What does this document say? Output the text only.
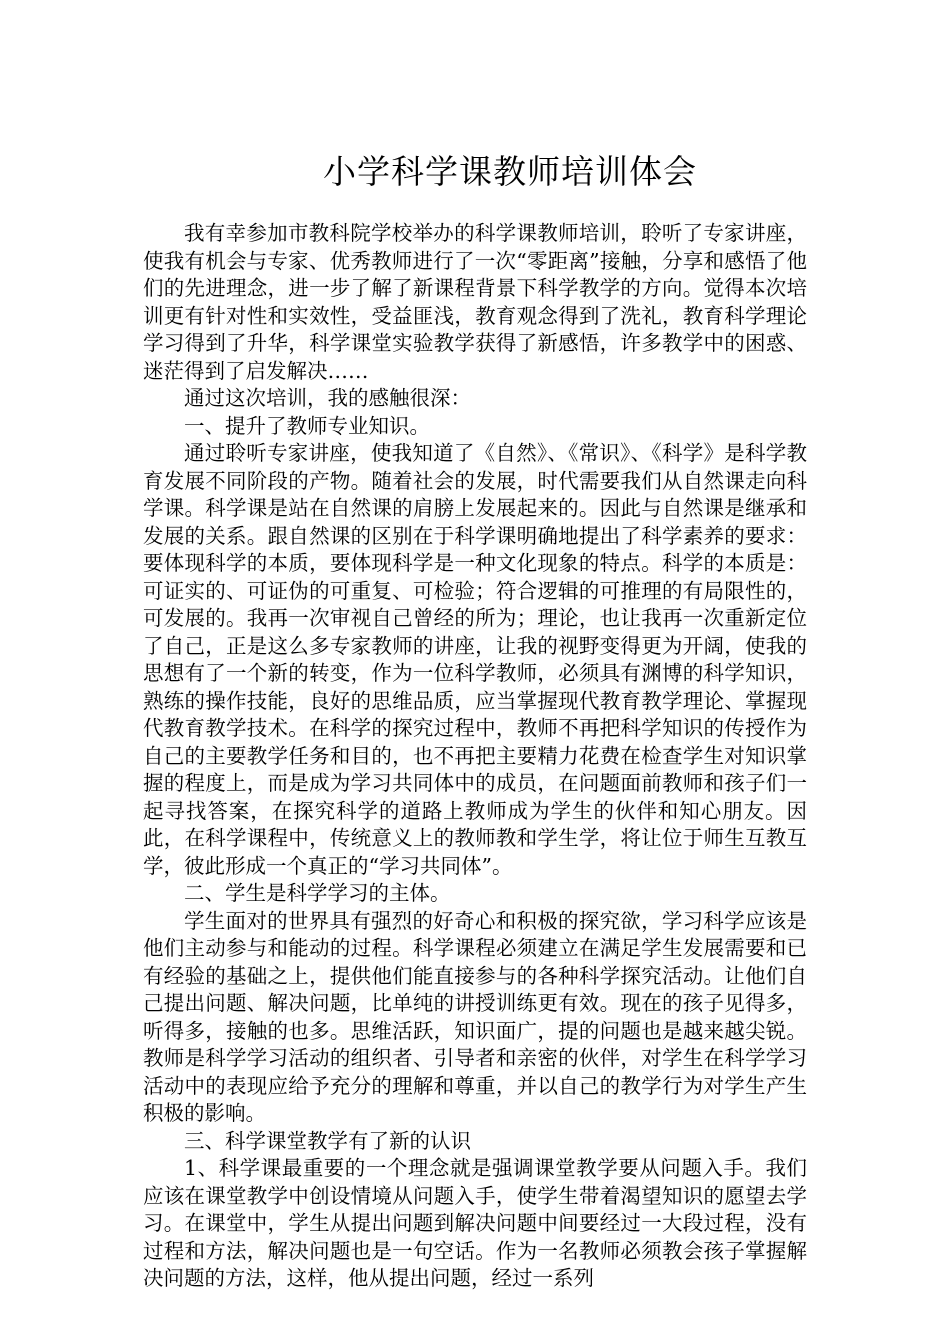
小学科学课教师培训体会

我有幸参加市教科院学校举办的科学课教师培训，聆听了专家讲座，使我有机会与专家、优秀教师进行了一次“零距离”接触，分享和感悟了他们的先进理念，进一步了解了新课程背景下科学教学的方向。觉得本次培训更有针对性和实效性，受益匪浅，教育观念得到了洗礼，教育科学理论学习得到了升华，科学课堂实验教学获得了新感悟，许多教学中的困惑、迷茫得到了启发解决……

通过这次培训，我的感触很深：

一、提升了教师专业知识。

通过聆听专家讲座，使我知道了《自然》、《常识》、《科学》是科学教育发展不同阶段的产物。随着社会的发展，时代需要我们从自然课走向科学课。科学课是站在自然课的肩膀上发展起来的。因此与自然课是继承和发展的关系。跟自然课的区别在于科学课明确地提出了科学素养的要求：要体现科学的本质，要体现科学是一种文化现象的特点。科学的本质是：可证实的、可证伪的可重复、可检验；符合逻辑的可推理的有局限性的，可发展的。我再一次审视自己曾经的所为；理论，也让我再一次重新定位了自己，正是这么多专家教师的讲座，让我的视野变得更为开阔，使我的思想有了一个新的转变，作为一位科学教师，必须具有渊博的科学知识，熟练的操作技能，良好的思维品质，应当掌握现代教育教学理论、掌握现代教育教学技术。在科学的探究过程中，教师不再把科学知识的传授作为自己的主要教学任务和目的，也不再把主要精力花费在检查学生对知识掌握的程度上，而是成为学习共同体中的成员，在问题面前教师和孩子们一起寻找答案，在探究科学的道路上教师成为学生的伙伴和知心朋友。因此，在科学课程中，传统意义上的教师教和学生学，将让位于师生互教互学，彼此形成一个真正的“学习共同体”。

二、学生是科学学习的主体。

学生面对的世界具有强烈的好奇心和积极的探究欲，学习科学应该是他们主动参与和能动的过程。科学课程必须建立在满足学生发展需要和已有经验的基础之上，提供他们能直接参与的各种科学探究活动。让他们自己提出问题、解决问题，比单纯的讲授训练更有效。现在的孩子见得多，听得多，接触的也多。思维活跃，知识面广，提的问题也是越来越尖锐。教师是科学学习活动的组织者、引导者和亲密的伙伴，对学生在科学学习活动中的表现应给予充分的理解和尊重，并以自己的教学行为对学生产生积极的影响。

三、科学课堂教学有了新的认识

1、科学课最重要的一个理念就是强调课堂教学要从问题入手。我们应该在课堂教学中创设情境从问题入手，使学生带着渴望知识的愿望去学习。在课堂中，学生从提出问题到解决问题中间要经过一大段过程，没有过程和方法，解决问题也是一句空话。作为一名教师必须教会孩子掌握解决问题的方法，这样，他从提出问题，经过一系列
